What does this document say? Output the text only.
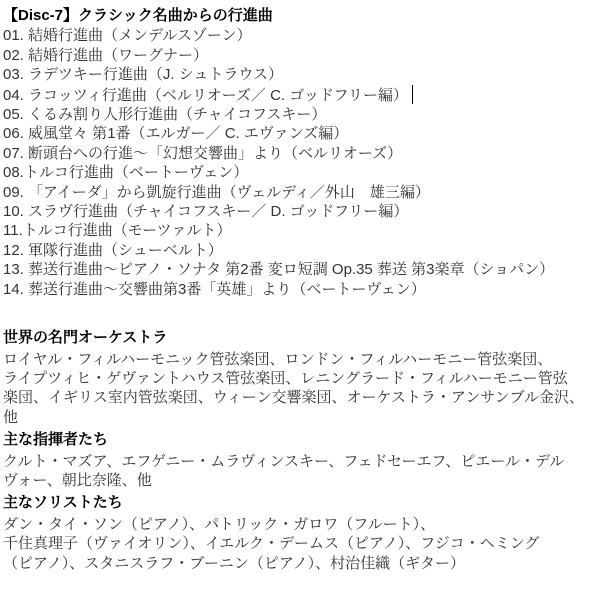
【Disc-7】クラシック名曲からの行進曲
01. 結婚行進曲（メンデルスゾーン）
02. 結婚行進曲（ワーグナー）
03. ラデツキー行進曲（J. シュトラウス）
04. ラコッツィ行進曲（ベルリオーズ／ C. ゴッドフリー編）
05. くるみ割り人形行進曲（チャイコフスキー）
06. 威風堂々 第1番（エルガー／ C. エヴァンズ編）
07. 断頭台への行進～「幻想交響曲」より（ベルリオーズ）
08.トルコ行進曲（ベートーヴェン）
09. 「アイーダ」から凱旋行進曲（ヴェルディ／外山　雄三編）
10. スラヴ行進曲（チャイコフスキー／ D. ゴッドフリー編）
11.トルコ行進曲（モーツァルト）
12. 軍隊行進曲（シューベルト）
13. 葬送行進曲～ピアノ・ソナタ 第2番 変ロ短調 Op.35 葬送 第3楽章（ショパン）
14. 葬送行進曲～交響曲第3番「英雄」より（ベートーヴェン）
世界の名門オーケストラ
ロイヤル・フィルハーモニック管弦楽団、ロンドン・フィルハーモニー管弦楽団、
ライプツィヒ・ゲヴァントハウス管弦楽団、レニングラード・フィルハーモニー管弦
楽団、イギリス室内管弦楽団、ウィーン交響楽団、オーケストラ・アンサンブル金沢、
他
主な指揮者たち
クルト・マズア、エフゲニー・ムラヴィンスキー、フェドセーエフ、ピエール・デル
ヴォー、朝比奈隆、他
主なソリストたち
ダン・タイ・ソン（ピアノ）、パトリック・ガロワ（フルート）、
千住真理子（ヴァイオリン）、イエルク・デームス（ピアノ）、フジコ・ヘミング
（ピアノ）、スタニスラフ・ブーニン（ピアノ）、村治佳織（ギター）
